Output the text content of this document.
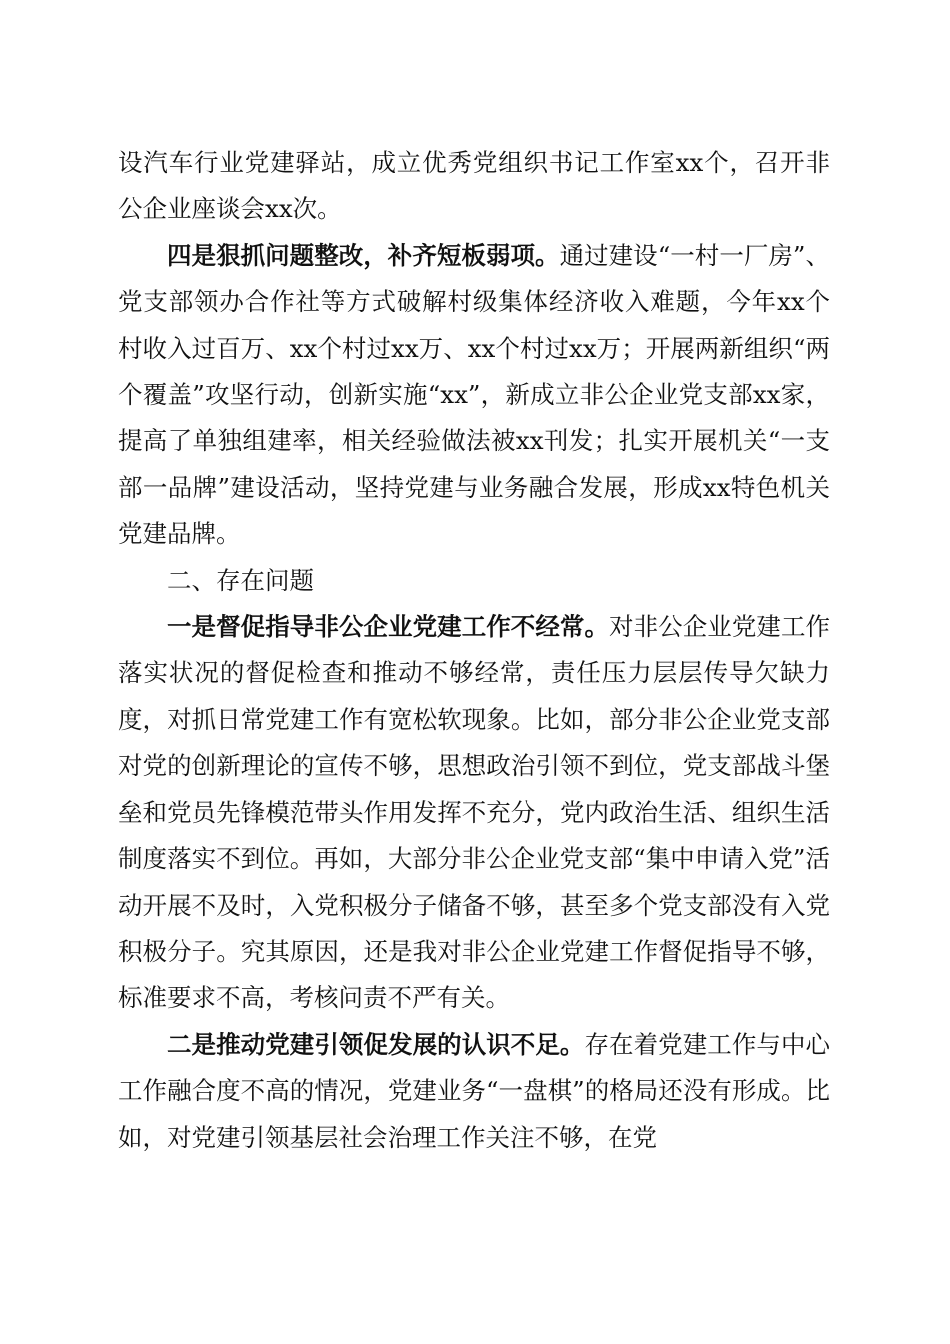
设汽车行业党建驿站，成立优秀党组织书记工作室xx个，召开非公企业座谈会xx次。

四是狠抓问题整改，补齐短板弱项。通过建设“一村一厂房”、党支部领办合作社等方式破解村级集体经济收入难题，今年xx个村收入过百万、xx个村过xx万、xx个村过xx万；开展两新组织“两个覆盖”攻坚行动，创新实施“xx”，新成立非公企业党支部xx家，提高了单独组建率，相关经验做法被xx刊发；扎实开展机关“一支部一品牌”建设活动，坚持党建与业务融合发展，形成xx特色机关党建品牌。

二、存在问题

一是督促指导非公企业党建工作不经常。对非公企业党建工作落实状况的督促检查和推动不够经常，责任压力层层传导欠缺力度，对抓日常党建工作有宽松软现象。比如，部分非公企业党支部对党的创新理论的宣传不够，思想政治引领不到位，党支部战斗堡垒和党员先锋模范带头作用发挥不充分，党内政治生活、组织生活制度落实不到位。再如，大部分非公企业党支部“集中申请入党”活动开展不及时，入党积极分子储备不够，甚至多个党支部没有入党积极分子。究其原因，还是我对非公企业党建工作督促指导不够，标准要求不高，考核问责不严有关。

二是推动党建引领促发展的认识不足。存在着党建工作与中心工作融合度不高的情况，党建业务“一盘棋”的格局还没有形成。比如，对党建引领基层社会治理工作关注不够，在党
